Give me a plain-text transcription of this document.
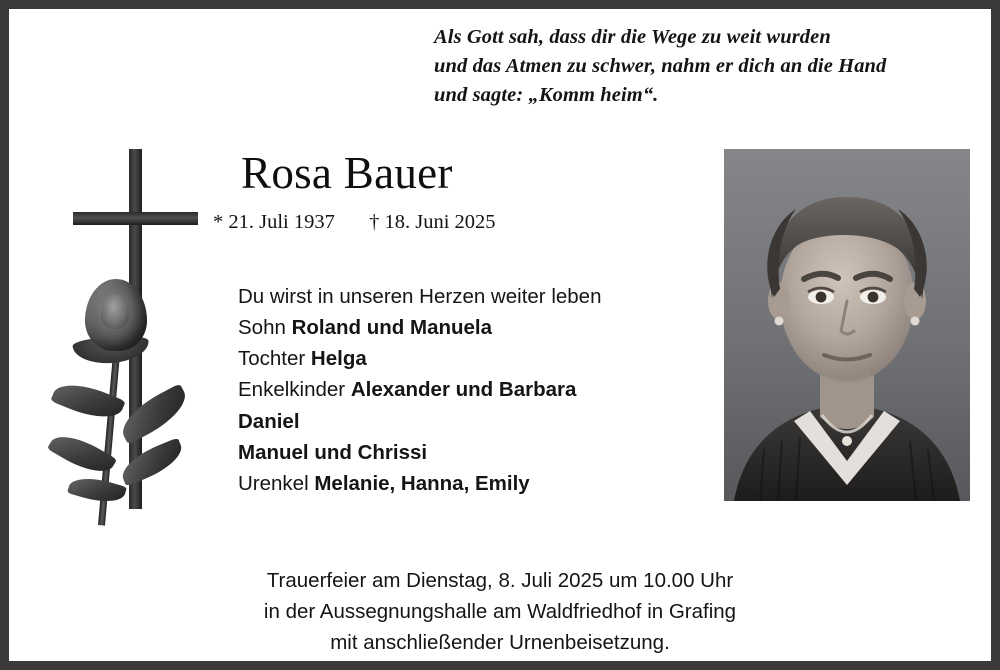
Als Gott sah, dass dir die Wege zu weit wurden
und das Atmen zu schwer, nahm er dich an die Hand
und sagte: „Komm heim“.
Rosa Bauer
* 21. Juli 1937 † 18. Juni 2025
Du wirst in unseren Herzen weiter leben
Sohn Roland und Manuela
Tochter Helga
Enkelkinder Alexander und Barbara
Daniel
Manuel und Chrissi
Urenkel Melanie, Hanna, Emily
Trauerfeier am Dienstag, 8. Juli 2025 um 10.00 Uhr
in der Aussegnungshalle am Waldfriedhof in Grafing
mit anschließender Urnenbeisetzung.
